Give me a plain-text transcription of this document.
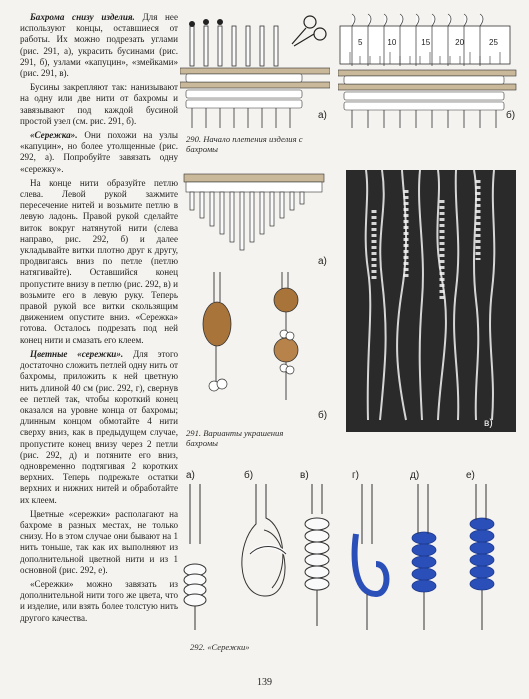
Бахрома снизу изделия. Для нее используют концы, оставшиеся от работы. Их можно подрезать углами (рис. 291, а), украсить бусинами (рис. 291, б), узлами «капуцин», «змейками» (рис. 291, в).

Бусины закрепляют так: нанизывают на одну или две нити от бахромы и завязывают под каждой бусиной простой узел (см. рис. 291, б).

«Сережка». Они похожи на узлы «капуцин», но более утолщенные (рис. 292, а). Попробуйте завязать одну «сережку».

На конце нити образуйте петлю слева. Левой рукой зажмите пересечение нитей и возьмите петлю в левую ладонь. Правой рукой сделайте виток вокруг натянутой нити (слева направо, рис. 292, б) и далее укладывайте витки плотно друг к другу, продвигаясь вниз по петле (петлю натягивайте). Оставшийся конец пропустите внизу в петлю (рис. 292, в) и возьмите его в левую руку. Теперь правой рукой все витки скользящим движением опустите вниз. «Сережка» готова. Осталось подрезать под ней конец нити и смазать его клеем.

Цветные «сережки». Для этого достаточно сложить петлей одну нить от бахромы, приложить к ней цветную нить длиной 40 см (рис. 292, г), свернув ее петлей так, чтобы короткий конец оказался на уровне конца от бахромы; длинным концом обмотайте 4 нити сверху вниз, как в предыдущем случае, пропустите конец внизу через 2 петли (рис. 292, д) и потяните его вниз, одновременно подтягивая 2 коротких верхних. Теперь подрежьте остатки верхних и нижних нитей и обработайте их клеем.

Цветные «сережки» располагают на бахроме в разных местах, не только снизу. Но в этом случае они бывают на 1 нить тоньше, так как их выполняют из дополнительной цветной нити и из 1 основной (рис. 292, е).

«Сережки» можно завязать из дополнительной нити того же цвета, что и изделие, или взять более толстую нить другого качества.

а)
5	10	15	20	25
б)
290. Начало плетения изделия с бахромы
а)
б)
в)
291. Варианты украшения бахромы
а)	б)	в)	г)	д)	е)
292. «Сережки»
139
